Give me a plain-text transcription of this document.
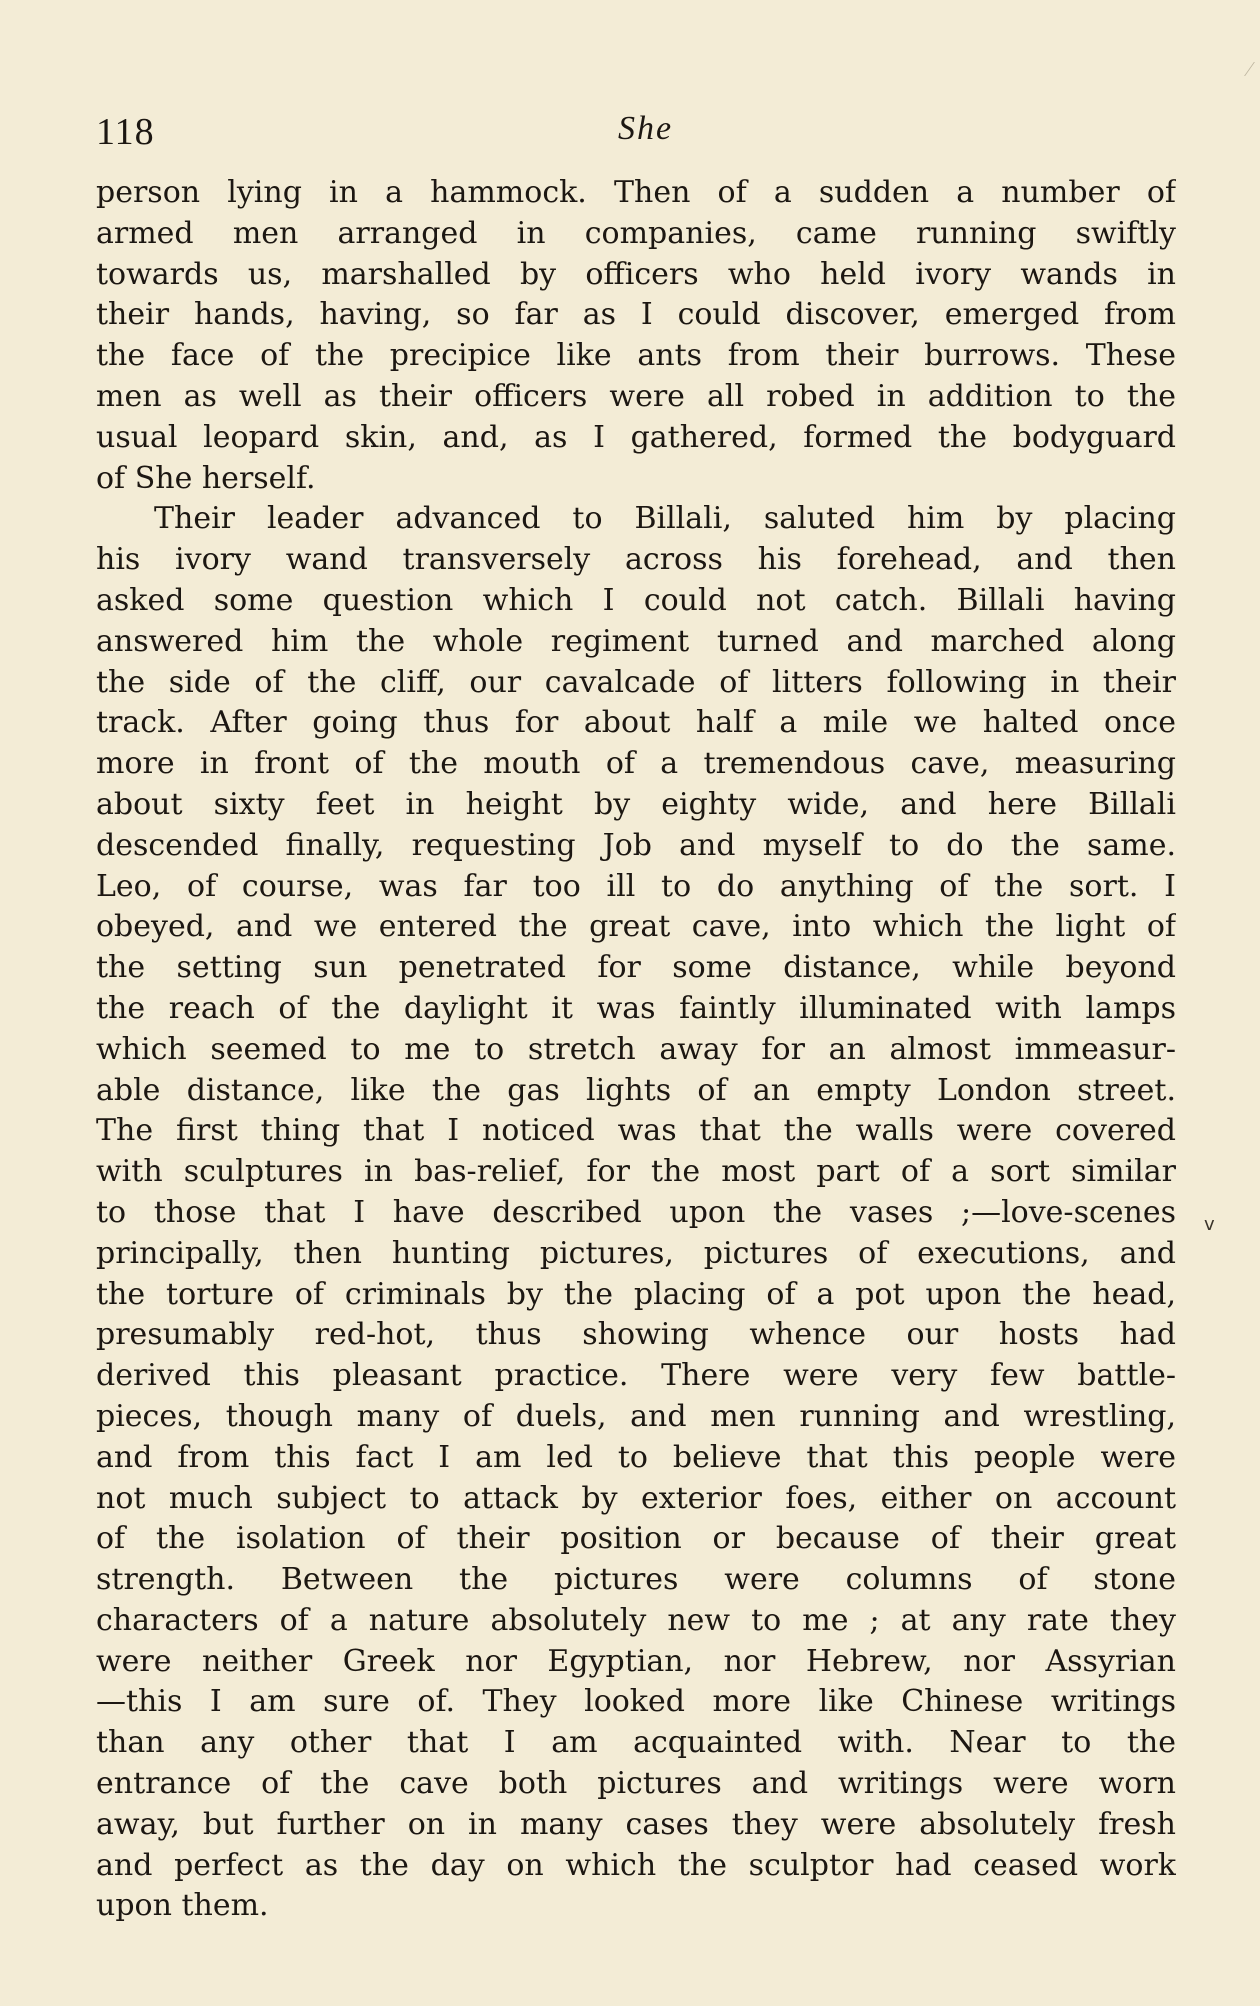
118	She
person lying in a hammock. Then of a sudden a number of
armed men arranged in companies, came running swiftly
towards us, marshalled by officers who held ivory wands in
their hands, having, so far as I could discover, emerged from
the face of the precipice like ants from their burrows. These
men as well as their officers were all robed in addition to the
usual leopard skin, and, as I gathered, formed the bodyguard
of She herself.
Their leader advanced to Billali, saluted him by placing
his ivory wand transversely across his forehead, and then
asked some question which I could not catch. Billali having
answered him the whole regiment turned and marched along
the side of the cliff, our cavalcade of litters following in their
track. After going thus for about half a mile we halted once
more in front of the mouth of a tremendous cave, measuring
about sixty feet in height by eighty wide, and here Billali
descended finally, requesting Job and myself to do the same.
Leo, of course, was far too ill to do anything of the sort. I
obeyed, and we entered the great cave, into which the light of
the setting sun penetrated for some distance, while beyond
the reach of the daylight it was faintly illuminated with lamps
which seemed to me to stretch away for an almost immeasur-
able distance, like the gas lights of an empty London street.
The first thing that I noticed was that the walls were covered
with sculptures in bas-relief, for the most part of a sort similar
to those that I have described upon the vases ;—love-scenes
principally, then hunting pictures, pictures of executions, and
the torture of criminals by the placing of a pot upon the head,
presumably red-hot, thus showing whence our hosts had
derived this pleasant practice. There were very few battle-
pieces, though many of duels, and men running and wrestling,
and from this fact I am led to believe that this people were
not much subject to attack by exterior foes, either on account
of the isolation of their position or because of their great
strength. Between the pictures were columns of stone
characters of a nature absolutely new to me ; at any rate they
were neither Greek nor Egyptian, nor Hebrew, nor Assyrian
—this I am sure of. They looked more like Chinese writings
than any other that I am acquainted with. Near to the
entrance of the cave both pictures and writings were worn
away, but further on in many cases they were absolutely fresh
and perfect as the day on which the sculptor had ceased work
upon them.
v
